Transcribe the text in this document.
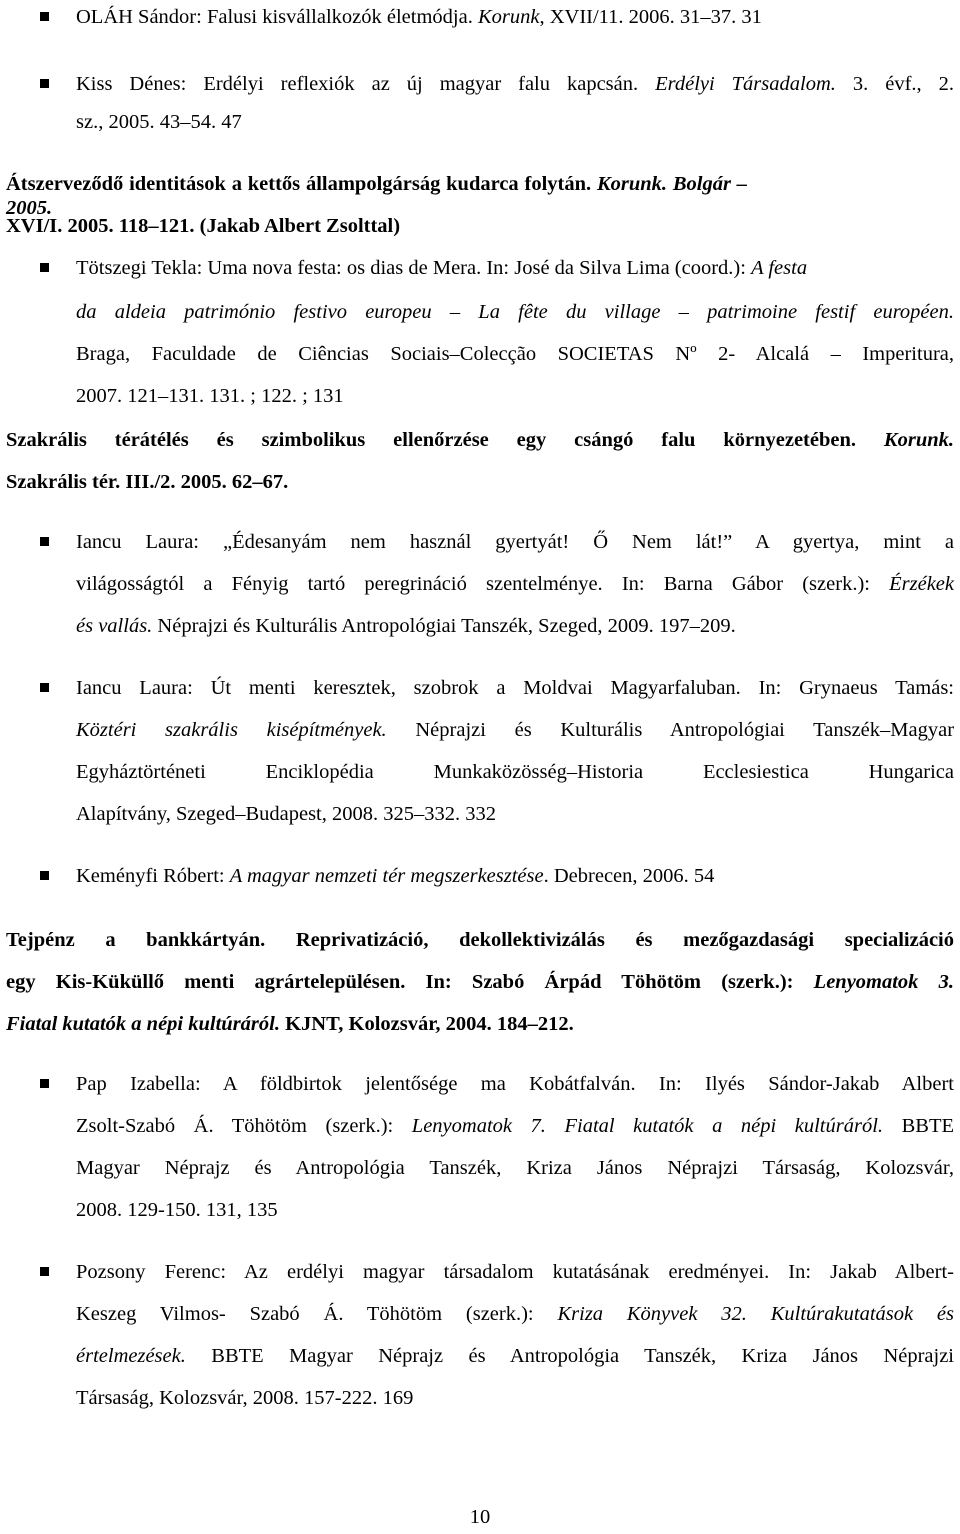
OLÁH Sándor: Falusi kisvállalkozók életmódja. Korunk, XVII/11. 2006. 31–37. 31
Kiss Dénes: Erdélyi reflexiók az új magyar falu kapcsán. Erdélyi Társadalom. 3. évf., 2.
sz., 2005. 43–54. 47
Átszerveződő identitások a kettős állampolgárság kudarca folytán. Korunk. Bolgár – 2005.
XVI/I. 2005. 118–121. (Jakab Albert Zsolttal)
Tötszegi Tekla: Uma nova festa: os dias de Mera. In: José da Silva Lima (coord.): A festa
da aldeia património festivo europeu – La fête du village – patrimoine festif européen.
Braga, Faculdade de Ciências Sociais–Colecção SOCIETAS Nº 2- Alcalá – Imperitura,
2007. 121–131. 131. ; 122. ; 131
Szakrális térátélés és szimbolikus ellenőrzése egy csángó falu környezetében. Korunk.
Szakrális tér. III./2. 2005. 62–67.
Iancu Laura: „Édesanyám nem használ gyertyát! Ő Nem lát!” A gyertya, mint a
világosságtól a Fényig tartó peregrináció szentelménye. In: Barna Gábor (szerk.): Érzékek
és vallás. Néprajzi és Kulturális Antropológiai Tanszék, Szeged, 2009. 197–209.
Iancu Laura: Út menti keresztek, szobrok a Moldvai Magyarfaluban. In: Grynaeus Tamás:
Köztéri szakrális kisépítmények. Néprajzi és Kulturális Antropológiai Tanszék–Magyar
Egyháztörténeti Enciklopédia Munkaközösség–Historia Ecclesiestica Hungarica
Alapítvány, Szeged–Budapest, 2008. 325–332. 332
Keményfi Róbert: A magyar nemzeti tér megszerkesztése. Debrecen, 2006. 54
Tejpénz a bankkártyán. Reprivatizáció, dekollektivizálás és mezőgazdasági specializáció
egy Kis-Küküllő menti agrártelepülésen. In: Szabó Árpád Töhötöm (szerk.): Lenyomatok 3.
Fiatal kutatók a népi kultúráról. KJNT, Kolozsvár, 2004. 184–212.
Pap Izabella: A földbirtok jelentősége ma Kobátfalván. In: Ilyés Sándor-Jakab Albert
Zsolt-Szabó Á. Töhötöm (szerk.): Lenyomatok 7. Fiatal kutatók a népi kultúráról. BBTE
Magyar Néprajz és Antropológia Tanszék, Kriza János Néprajzi Társaság, Kolozsvár,
2008. 129-150. 131, 135
Pozsony Ferenc: Az erdélyi magyar társadalom kutatásának eredményei. In: Jakab Albert-
Keszeg Vilmos- Szabó Á. Töhötöm (szerk.): Kriza Könyvek 32. Kultúrakutatások és
értelmezések. BBTE Magyar Néprajz és Antropológia Tanszék, Kriza János Néprajzi
Társaság, Kolozsvár, 2008. 157-222. 169
10
